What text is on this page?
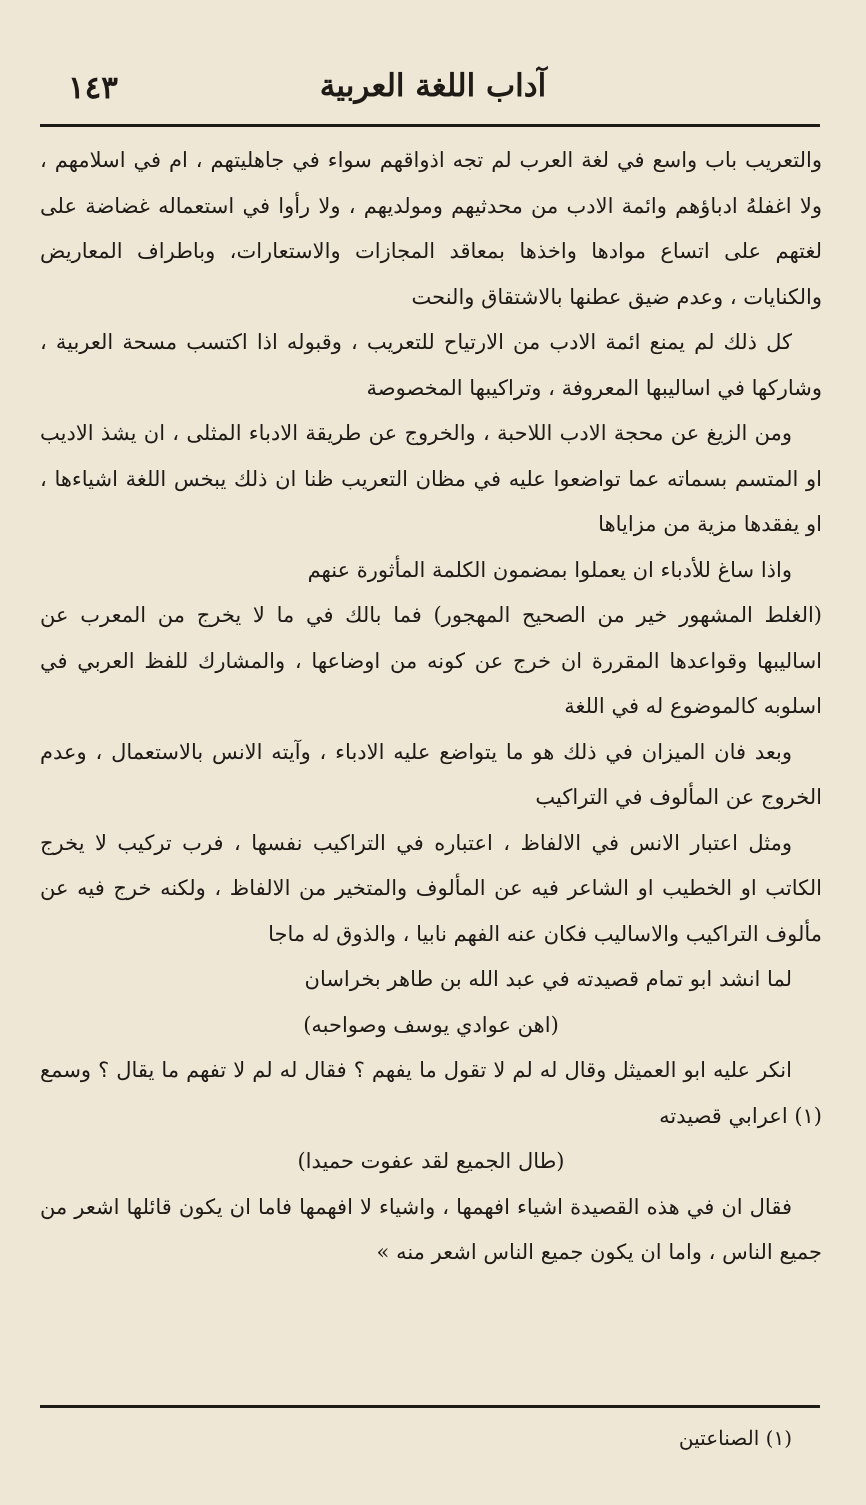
١٤٣	آداب اللغة العربية

والتعريب باب واسع في لغة العرب لم تجه اذواقهم سواء في جاهليتهم ، ام في اسلامهم ، ولا اغفلهُ ادباؤهم وائمة الادب من محدثيهم ومولديهم ، ولا رأوا في استعماله غضاضة على لغتهم على اتساع موادها واخذها بمعاقد المجازات والاستعارات، وباطراف المعاريض والكنايات ، وعدم ضيق عطنها بالاشتقاق والنحت

كل ذلك لم يمنع ائمة الادب من الارتياح للتعريب ، وقبوله اذا اكتسب مسحة العربية ، وشاركها في اساليبها المعروفة ، وتراكيبها المخصوصة

ومن الزيغ عن محجة الادب اللاحبة ، والخروج عن طريقة الادباء المثلى ، ان يشذ الاديب او المتسم بسماته عما تواضعوا عليه في مظان التعريب ظنا ان ذلك يبخس اللغة اشياءها ، او يفقدها مزية من مزاياها

واذا ساغ للأدباء ان يعملوا بمضمون الكلمة المأثورة عنهم

(الغلط المشهور خير من الصحيح المهجور) فما بالك في ما لا يخرج من المعرب عن اساليبها وقواعدها المقررة ان خرج عن كونه من اوضاعها ، والمشارك للفظ العربي في اسلوبه كالموضوع له في اللغة

وبعد فان الميزان في ذلك هو ما يتواضع عليه الادباء ، وآيته الانس بالاستعمال ، وعدم الخروج عن المألوف في التراكيب

ومثل اعتبار الانس في الالفاظ ، اعتباره في التراكيب نفسها ، فرب تركيب لا يخرج الكاتب او الخطيب او الشاعر فيه عن المألوف والمتخير من الالفاظ ، ولكنه خرج فيه عن مألوف التراكيب والاساليب فكان عنه الفهم نابيا ، والذوق له ماجا

لما انشد ابو تمام قصيدته في عبد الله بن طاهر بخراسان

(اهن عوادي يوسف وصواحبه)

انكر عليه ابو العميثل وقال له لم لا تقول ما يفهم ؟ فقال له لم لا تفهم ما يقال ؟ وسمع (١) اعرابي قصيدته

(طال الجميع لقد عفوت حميدا)

فقال ان في هذه القصيدة اشياء افهمها ، واشياء لا افهمها فاما ان يكون قائلها اشعر من جميع الناس ، واما ان يكون جميع الناس اشعر منه »

(١) الصناعتين
